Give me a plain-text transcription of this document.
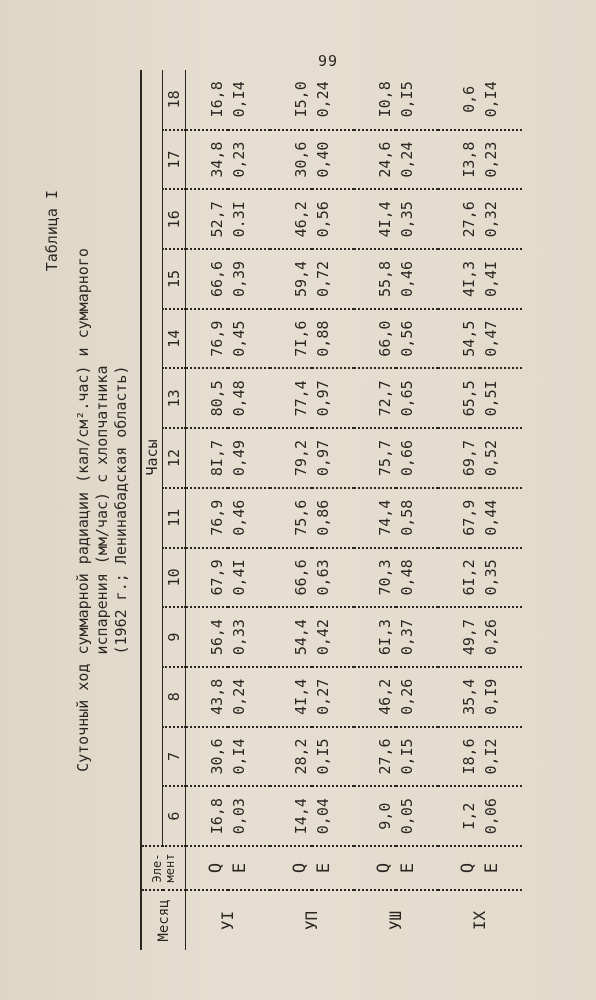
99
Таблица I
Суточный ход суммарной радиации (кал/см².час) и суммарного испарения (мм/час) с хлопчатника (1962 г.; Ленинабадская область)
Месяц	Эле-
мент	Часы												
		6	7	8	9	10	11	12	13	14	15	16	17	18
УI	Q	I6,8	30,6	43,8	56,4	67,9	76,9	8I,7	80,5	76,9	66,6	52,7	34,8	I6,8
	Е	0,03	0,I4	0,24	0,33	0,4I	0,46	0,49	0,48	0,45	0,39	0.3I	0,23	0,I4
УП	Q	I4,4	28,2	4I,4	54,4	66,6	75,6	79,2	77,4	7I,6	59,4	46,2	30,6	I5,0
	Е	0,04	0,I5	0,27	0,42	0,63	0,86	0,97	0,97	0,88	0,72	0,56	0,40	0,24
УШ	Q	9,0	27,6	46,2	6I,3	70,3	74,4	75,7	72,7	66,0	55,8	4I,4	24,6	I0,8
	Е	0,05	0,I5	0,26	0,37	0,48	0,58	0,66	0,65	0,56	0,46	0,35	0,24	0,I5
IX	Q	I,2	I8,6	35,4	49,7	6I,2	67,9	69,7	65,5	54,5	4I,3	27,6	I3,8	0,6
	Е	0,06	0,I2	0,I9	0,26	0,35	0,44	0,52	0,5I	0,47	0,4I	0,32	0,23	0,I4
